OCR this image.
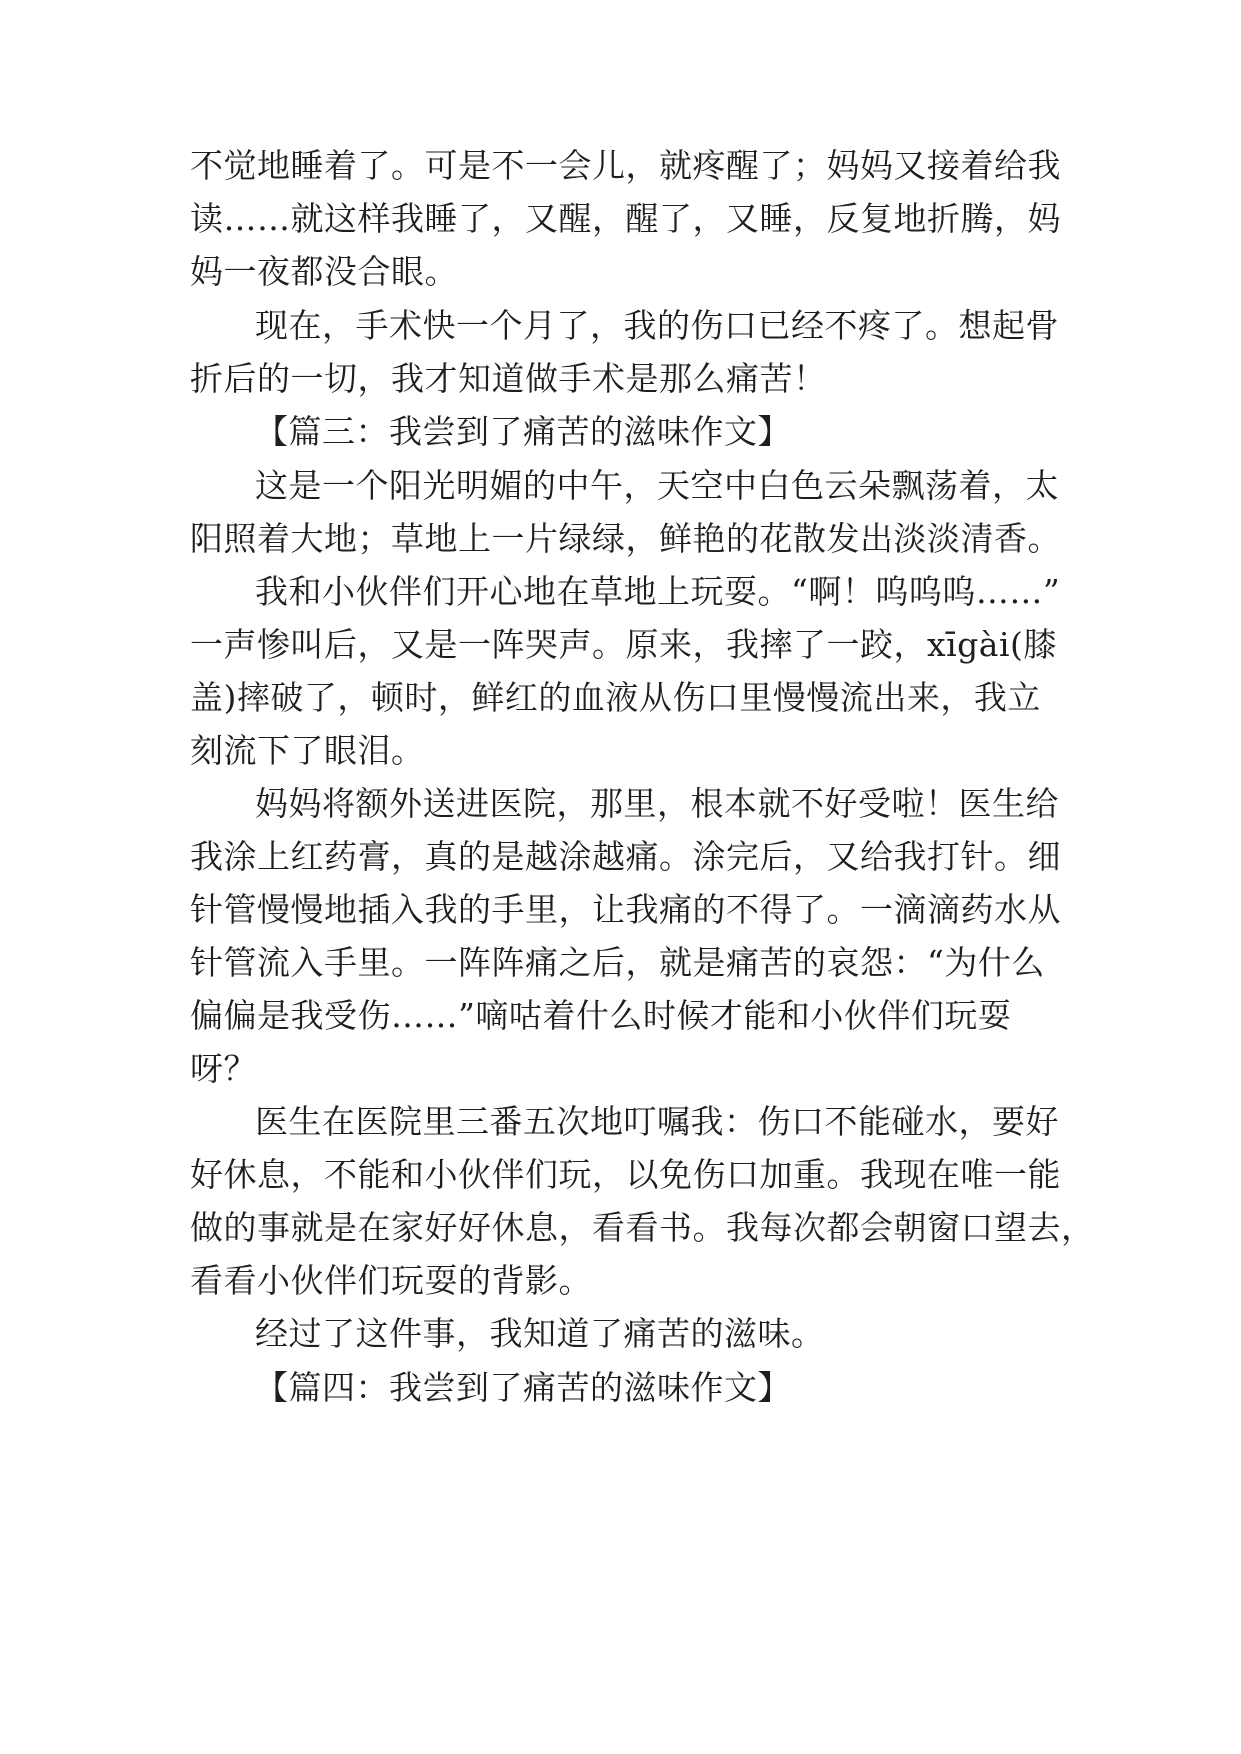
不觉地睡着了。可是不一会儿，就疼醒了；妈妈又接着给我
读……就这样我睡了，又醒，醒了，又睡，反复地折腾，妈
妈一夜都没合眼。
现在，手术快一个月了，我的伤口已经不疼了。想起骨
折后的一切，我才知道做手术是那么痛苦！
【篇三：我尝到了痛苦的滋味作文】
这是一个阳光明媚的中午，天空中白色云朵飘荡着，太
阳照着大地；草地上一片绿绿，鲜艳的花散发出淡淡清香。
我和小伙伴们开心地在草地上玩耍。“啊！呜呜呜……”
一声惨叫后，又是一阵哭声。原来，我摔了一跤，xīgài(膝
盖)摔破了，顿时，鲜红的血液从伤口里慢慢流出来，我立
刻流下了眼泪。
妈妈将额外送进医院，那里，根本就不好受啦！医生给
我涂上红药膏，真的是越涂越痛。涂完后，又给我打针。细
针管慢慢地插入我的手里，让我痛的不得了。一滴滴药水从
针管流入手里。一阵阵痛之后，就是痛苦的哀怨：“为什么
偏偏是我受伤……”嘀咕着什么时候才能和小伙伴们玩耍
呀？
医生在医院里三番五次地叮嘱我：伤口不能碰水，要好
好休息，不能和小伙伴们玩，以免伤口加重。我现在唯一能
做的事就是在家好好休息，看看书。我每次都会朝窗口望去，
看看小伙伴们玩耍的背影。
经过了这件事，我知道了痛苦的滋味。
【篇四：我尝到了痛苦的滋味作文】
